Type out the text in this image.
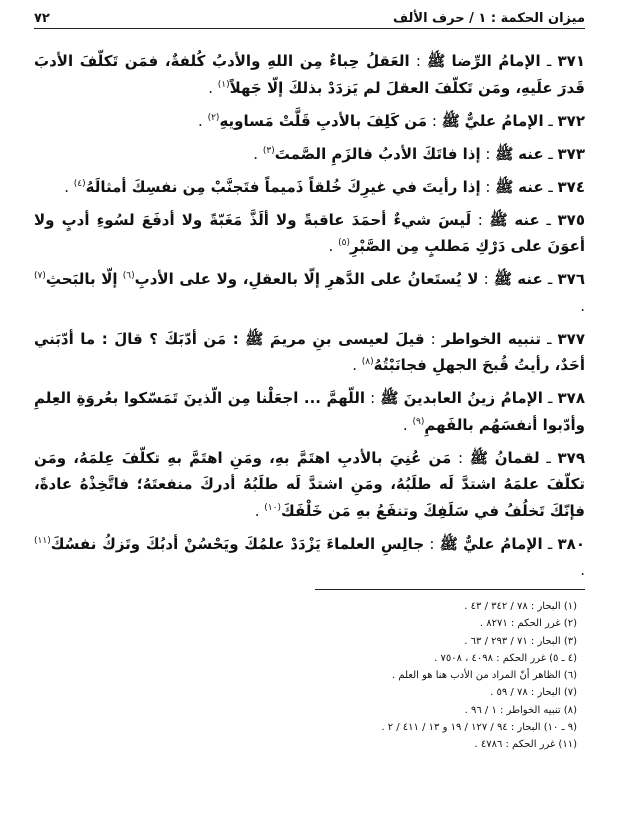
ميزان الحكمة : ١ / حرف الألف
٧٢

٣٧١ ـ الإمامُ الرِّضا ﷺ : العَقلُ حِباءٌ مِن اللهِ والأدبُ كُلفةٌ، فمَن تَكلّفَ الأدبَ قَدرَ علَيهِ، ومَن تَكلّفَ العقلَ لم يَزدَدْ بذلكَ إلّا جَهلاً$^{(١)}$ .

٣٧٢ ـ الإمامُ عليٌّ ﷺ : مَن كَلِفَ بالأدبِ قَلَّتْ مَساويهِ$^{(٢)}$ .

٣٧٣ ـ عنه ﷺ : إذا فاتَكَ الأدبُ فالزَمِ الصَّمتَ$^{(٣)}$ .

٣٧٤ ـ عنه ﷺ : إذا رأيتَ في غيرِكَ خُلقاً ذَميماً فتَجنَّبْ مِن نفسِكَ أمثالَهُ$^{(٤)}$ .

٣٧٥ ـ عنه ﷺ : لَيسَ شيءٌ أحمَدَ عاقبةً ولا ألَذَّ مَغَبّةً ولا أدفَعَ لسُوءِ أدبٍ ولا أعوَنَ على دَرْكِ مَطلبٍ مِن الصَّبْرِ$^{(٥)}$ .

٣٧٦ ـ عنه ﷺ : لا يُستَعانُ على الدَّهرِ إلّا بالعقلِ، ولا على الأدبِ$^{(٦)}$ إلّا بالبَحثِ$^{(٧)}$ .

٣٧٧ ـ تنبيه الخواطر : قيلَ لعيسى بنِ مريمَ ﷺ : مَن أدّبَكَ ؟ قالَ : ما أدّبَني أحَدٌ، رأيتُ قُبحَ الجهلِ فجانَبْتُهُ$^{(٨)}$ .

٣٧٨ ـ الإمامُ زينُ العابدينَ ﷺ : اللّهمَّ ... اجعَلْنا مِن الّذينَ تَمَسّكوا بعُروَةِ العِلمِ وأدّبوا أنفسَهُم بالفَهمِ$^{(٩)}$ .

٣٧٩ ـ لقمانُ ﷺ : مَن عُنِيَ بالأدبِ اهتَمَّ بهِ، ومَنِ اهتَمَّ بهِ تكلّفَ عِلمَهُ، ومَن تكلّفَ علمَهُ اشتدَّ لَه طلَبُهُ، ومَنِ اشتدَّ لَه طلَبُهُ أدركَ منفعتَهُ؛ فاتَّخِذْهُ عادةً، فإنّكَ تَخلُفُ في سَلَفِكَ وتنفَعُ بهِ مَن خَلْفَكَ$^{(١٠)}$ .

٣٨٠ ـ الإمامُ عليٌّ ﷺ : جالِسِ العلماءَ يَزْدَدْ علمُكَ ويَحْسُنْ أدبُكَ وتَزكُ نفسُكَ$^{(١١)}$ .

(١) البحار : ٧٨ / ٣٤٢ / ٤٣ .
(٢) غرر الحكم : ٨٢٧١ .
(٣) البحار : ٧١ / ٢٩٣ / ٦٣ .
(٤ ـ ٥) غرر الحكم : ٤٠٩٨ ، ٧٥٠٨ .
(٦) الظاهر أنّ المراد من الأدب هنا هو العلم .
(٧) البحار : ٧٨ / ٥٩ .
(٨) تنبيه الخواطر : ١ / ٩٦ .
(٩ ـ ١٠) البحار : ٩٤ / ١٢٧ / ١٩ و ١٣ / ٤١١ / ٢ .
(١١) غرر الحكم : ٤٧٨٦ .
